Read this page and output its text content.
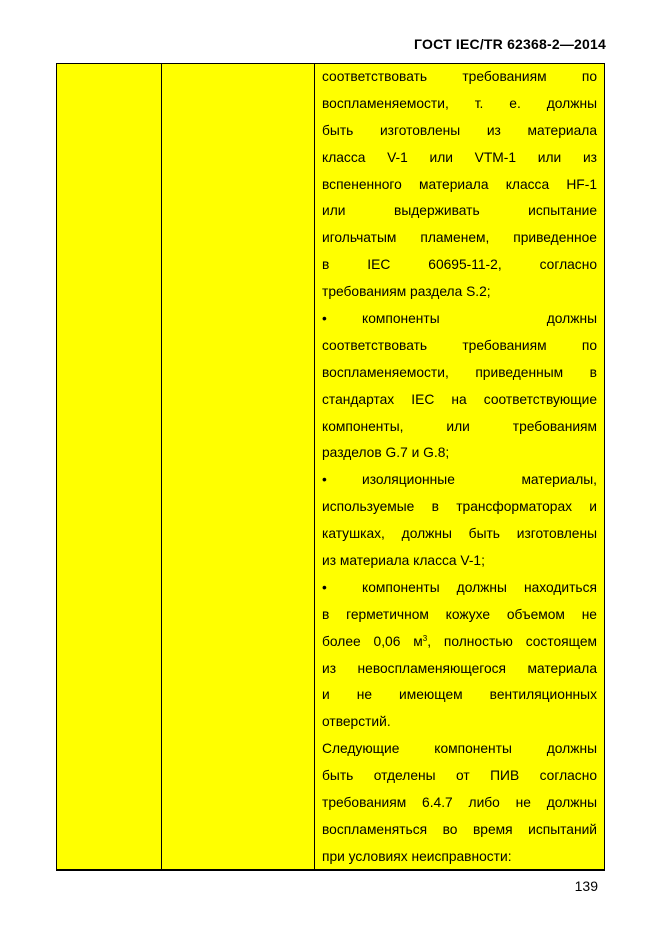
ГОСТ IEC/TR 62368-2—2014
соответствовать требованиям по
воспламеняемости, т. е. должны
быть изготовлены из материала
класса V-1 или VTM-1 или из
вспененного материала класса HF-1
или выдерживать испытание
игольчатым пламенем, приведенное
в IEC 60695-11-2, согласно
требованиям раздела S.2;
•	компоненты должны
соответствовать требованиям по
воспламеняемости, приведенным в
стандартах IEC на соответствующие
компоненты, или требованиям
разделов G.7 и G.8;
•	изоляционные материалы,
используемые в трансформаторах и
катушках, должны быть изготовлены
из материала класса V-1;
•	компоненты должны находиться
в герметичном кожухе объемом не
более 0,06 $м^3$, полностью состоящем
из невоспламеняющегося материала
и не имеющем вентиляционных
отверстий.
Следующие компоненты должны
быть отделены от ПИВ согласно
требованиям 6.4.7 либо не должны
воспламеняться во время испытаний
при условиях неисправности:
139
